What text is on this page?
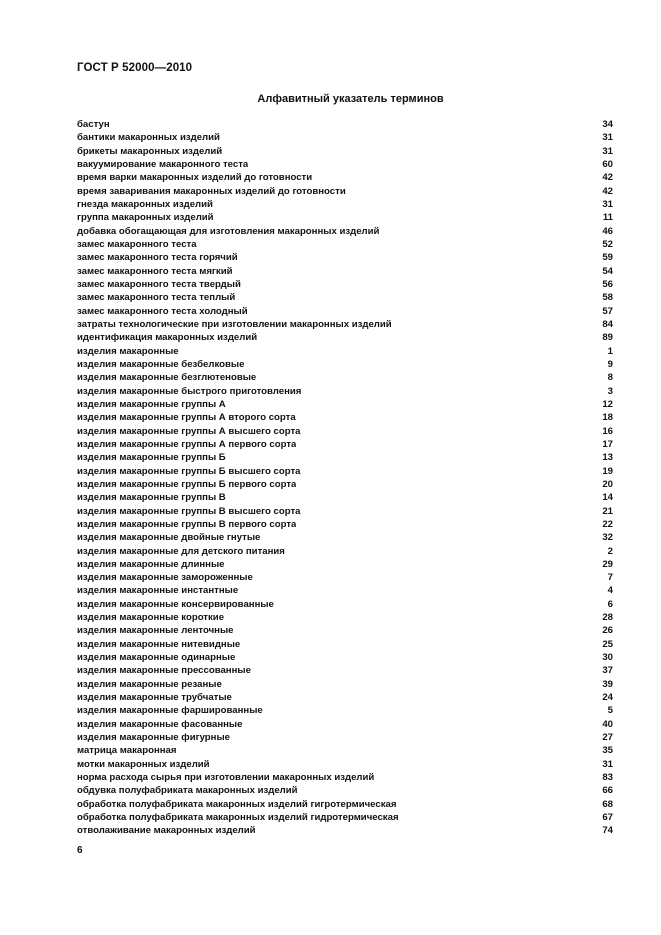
ГОСТ Р 52000—2010
Алфавитный указатель терминов
бастун	34
бантики макаронных изделий	31
брикеты макаронных изделий	31
вакуумирование макаронного теста	60
время варки макаронных изделий до готовности	42
время заваривания макаронных изделий до готовности	42
гнезда макаронных изделий	31
группа макаронных изделий	11
добавка обогащающая для изготовления макаронных изделий	46
замес макаронного теста	52
замес макаронного теста горячий	59
замес макаронного теста мягкий	54
замес макаронного теста твердый	56
замес макаронного теста теплый	58
замес макаронного теста холодный	57
затраты технологические при изготовлении макаронных изделий	84
идентификация макаронных изделий	89
изделия макаронные	1
изделия макаронные безбелковые	9
изделия макаронные безглютеновые	8
изделия макаронные быстрого приготовления	3
изделия макаронные группы А	12
изделия макаронные группы А второго сорта	18
изделия макаронные группы А высшего сорта	16
изделия макаронные группы А первого сорта	17
изделия макаронные группы Б	13
изделия макаронные группы Б высшего сорта	19
изделия макаронные группы Б первого сорта	20
изделия макаронные группы В	14
изделия макаронные группы В высшего сорта	21
изделия макаронные группы В первого сорта	22
изделия макаронные двойные гнутые	32
изделия макаронные для детского питания	2
изделия макаронные длинные	29
изделия макаронные замороженные	7
изделия макаронные инстантные	4
изделия макаронные консервированные	6
изделия макаронные короткие	28
изделия макаронные ленточные	26
изделия макаронные нитевидные	25
изделия макаронные одинарные	30
изделия макаронные прессованные	37
изделия макаронные резаные	39
изделия макаронные трубчатые	24
изделия макаронные фаршированные	5
изделия макаронные фасованные	40
изделия макаронные фигурные	27
матрица макаронная	35
мотки макаронных изделий	31
норма расхода сырья при изготовлении макаронных изделий	83
обдувка полуфабриката макаронных изделий	66
обработка полуфабриката макаронных изделий гигротермическая	68
обработка полуфабриката макаронных изделий гидротермическая	67
отволаживание макаронных изделий	74
6
